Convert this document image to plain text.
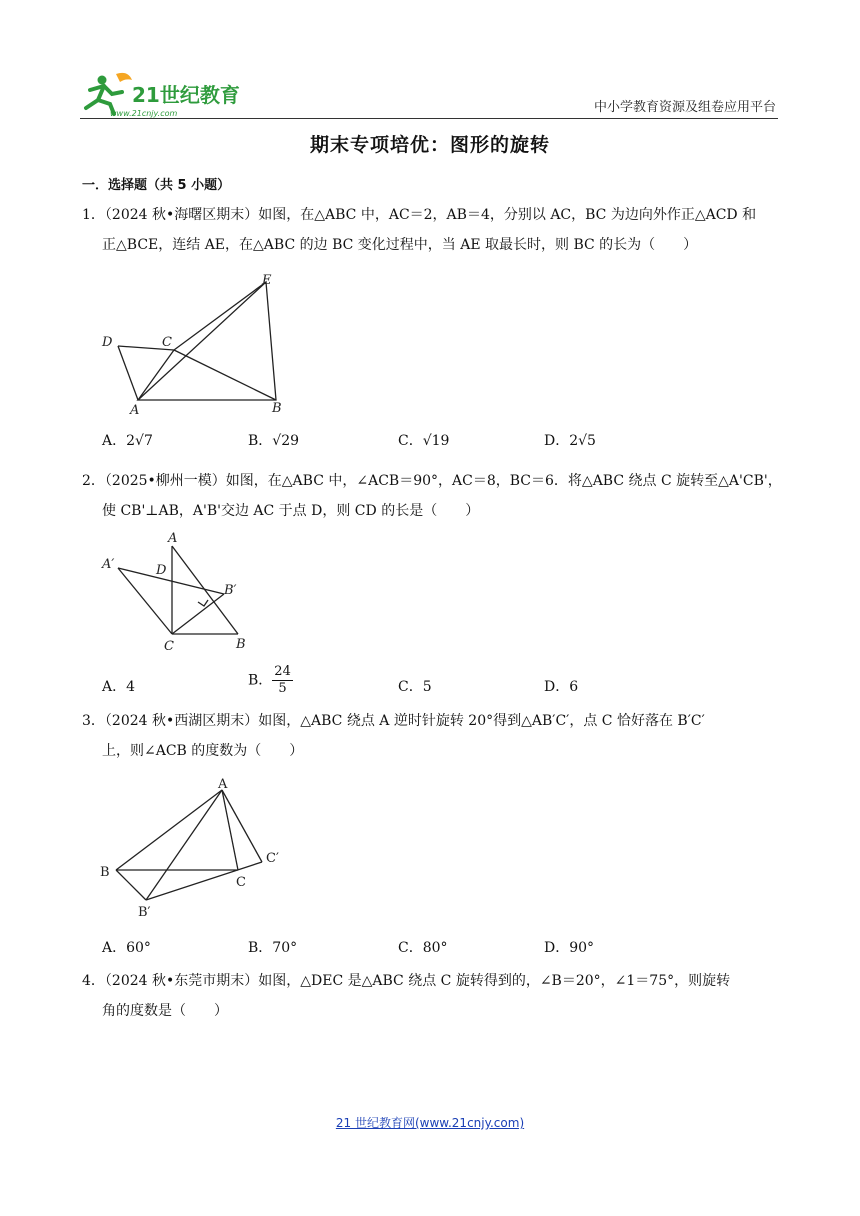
21世纪教育
www.21cnjy.com	中小学教育资源及组卷应用平台
期末专项培优：图形的旋转
一．选择题（共 5 小题）
1．（2024 秋•海曙区期末）如图，在△ABC 中，AC＝2，AB＝4，分别以 AC，BC 为边向外作正△ACD 和
正△BCE，连结 AE，在△ABC 的边 BC 变化过程中，当 AE 取最长时，则 BC 的长为（　　）
E
D	C
A	B
A．2√7	B．√29	C．√19	D．2√5
2．（2025•柳州一模）如图，在△ABC 中，∠ACB＝90°，AC＝8，BC＝6．将△ABC 绕点 C 旋转至△A'CB'，
使 CB'⊥AB，A'B'交边 AC 于点 D，则 CD 的长是（　　）
A
A′	D
B′
C	B
A．4	B． $\frac{24}{5}$	C．5	D．6
3．（2024 秋•西湖区期末）如图，△ABC 绕点 A 逆时针旋转 20°得到△AB′C′，点 C 恰好落在 B′C′
上，则∠ACB 的度数为（　　）
A
C′
B
C
B′
A．60°	B．70°	C．80°	D．90°
4．（2024 秋•东莞市期末）如图，△DEC 是△ABC 绕点 C 旋转得到的，∠B＝20°，∠1＝75°，则旋转
角的度数是（　　）
21 世纪教育网(www.21cnjy.com)
